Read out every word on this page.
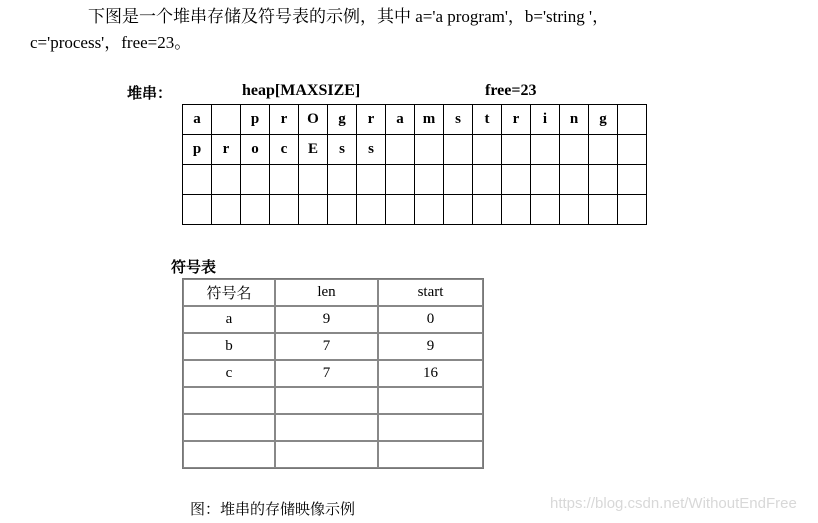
下图是一个堆串存储及符号表的示例，其中 a='a program'，b='string '，
c='process'，free=23。
堆串：	heap[MAXSIZE]	free=23
a		p	r	O	g	r	a	m	s	t	r	i	n	g	
p	r	o	c	E	s	s									

符号表
符号名	len	start
a	9	0
b	7	9
c	7	16

图：堆串的存储映像示例	https://blog.csdn.net/WithoutEndFree
